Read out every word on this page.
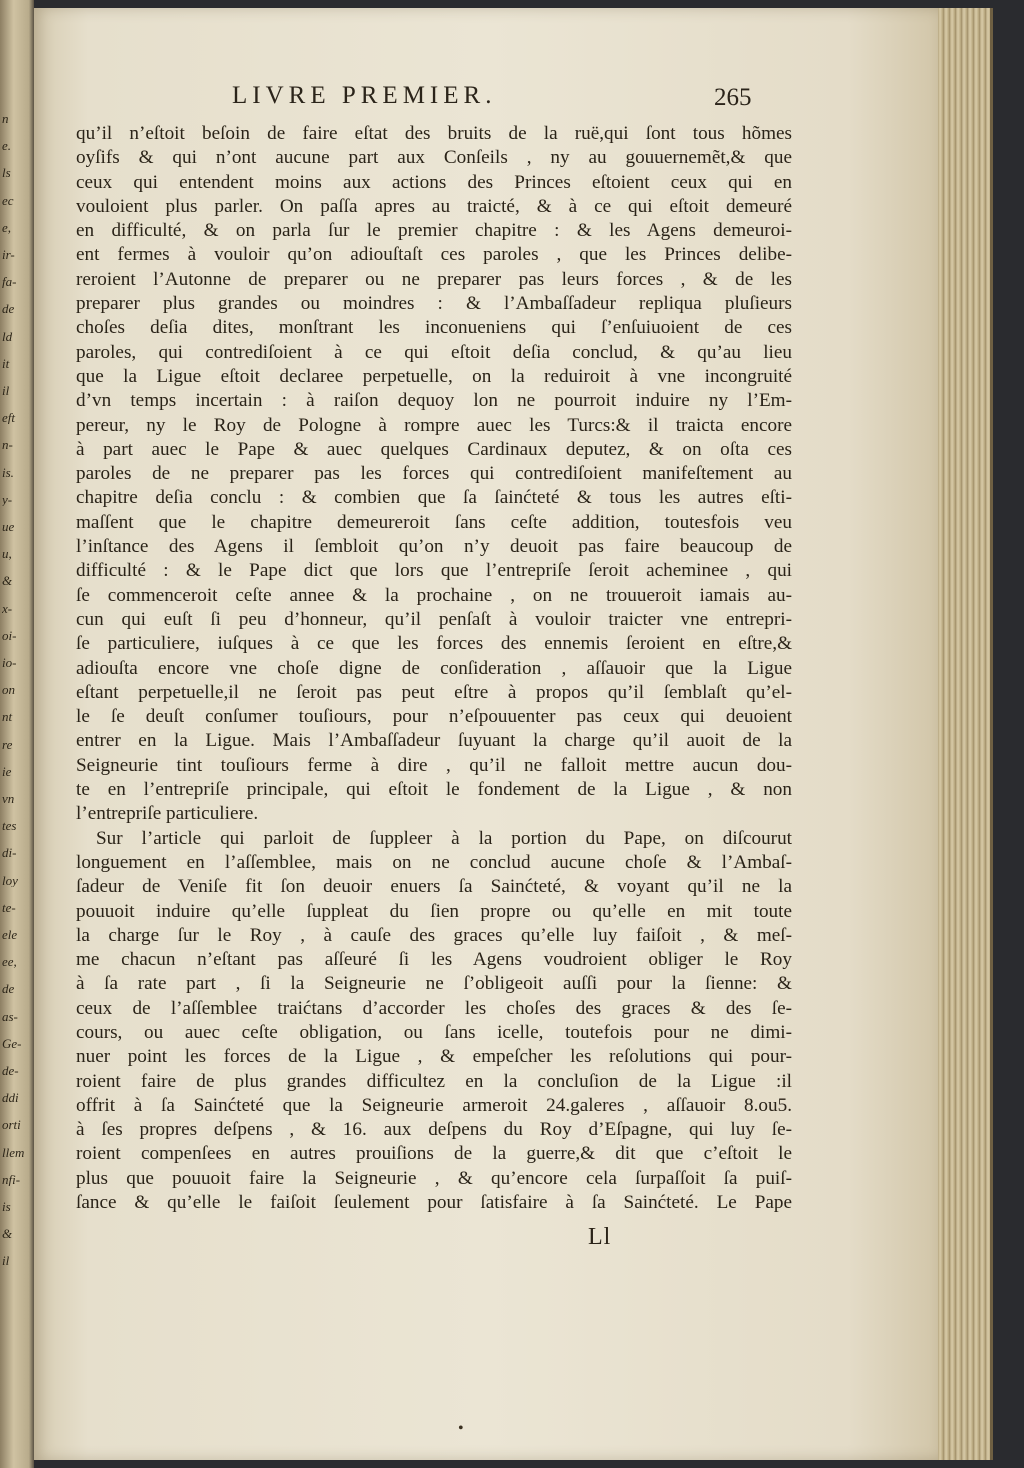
n
e.
ls
ec
e,
ir-
fa-
de
ld
it
il
eft
n-
is.
y-
ue
u,
&
x-
oi-
io-
on
nt
re
ie
vn
tes
di-
loy
te-
ele
ee,
de
as-
Ge-
de-
ddi
orti
llem
nfi-
is
&
il
LIVRE PREMIER.	265
qu’il n’eſtoit beſoin de faire eſtat des bruits de la ruë,qui ſont tous hõmes
oyſifs & qui n’ont aucune part aux Conſeils , ny au gouuernemẽt,& que
ceux qui entendent moins aux actions des Princes eſtoient ceux qui en
vouloient plus parler. On paſſa apres au traicté, & à ce qui eſtoit demeuré
en difficulté, & on parla ſur le premier chapitre : & les Agens demeuroi-
ent fermes à vouloir qu’on adiouſtaſt ces paroles , que les Princes delibe-
reroient l’Autonne de preparer ou ne preparer pas leurs forces , & de les
preparer plus grandes ou moindres : & l’Ambaſſadeur repliqua pluſieurs
choſes deſia dites, monſtrant les inconueniens qui ſ’enſuiuoient de ces
paroles, qui contrediſoient à ce qui eſtoit deſia conclud, & qu’au lieu
que la Ligue eſtoit declaree perpetuelle, on la reduiroit à vne incongruité
d’vn temps incertain : à raiſon dequoy lon ne pourroit induire ny l’Em-
pereur, ny le Roy de Pologne à rompre auec les Turcs:& il traicta encore
à part auec le Pape & auec quelques Cardinaux deputez, & on oſta ces
paroles de ne preparer pas les forces qui contrediſoient manifeſtement au
chapitre deſia conclu : & combien que ſa ſainćteté & tous les autres eſti-
maſſent que le chapitre demeureroit ſans ceſte addition, toutesfois veu
l’inſtance des Agens il ſembloit qu’on n’y deuoit pas faire beaucoup de
difficulté : & le Pape dict que lors que l’entrepriſe ſeroit acheminee , qui
ſe commenceroit ceſte annee & la prochaine , on ne trouueroit iamais au-
cun qui euſt ſi peu d’honneur, qu’il penſaſt à vouloir traicter vne entrepri-
ſe particuliere, iuſques à ce que les forces des ennemis ſeroient en eſtre,&
adiouſta encore vne choſe digne de conſideration , aſſauoir que la Ligue
eſtant perpetuelle,il ne ſeroit pas peut eſtre à propos qu’il ſemblaſt qu’el-
le ſe deuſt conſumer touſiours, pour n’eſpouuenter pas ceux qui deuoient
entrer en la Ligue. Mais l’Ambaſſadeur ſuyuant la charge qu’il auoit de la
Seigneurie tint touſiours ferme à dire , qu’il ne falloit mettre aucun dou-
te en l’entrepriſe principale, qui eſtoit le fondement de la Ligue , & non
l’entrepriſe particuliere.
Sur l’article qui parloit de ſuppleer à la portion du Pape, on diſcourut
longuement en l’aſſemblee, mais on ne conclud aucune choſe & l’Ambaſ-
ſadeur de Veniſe fit ſon deuoir enuers ſa Sainćteté, & voyant qu’il ne la
pouuoit induire qu’elle ſuppleat du ſien propre ou qu’elle en mit toute
la charge ſur le Roy , à cauſe des graces qu’elle luy faiſoit , & meſ-
me chacun n’eſtant pas aſſeuré ſi les Agens voudroient obliger le Roy
à ſa rate part , ſi la Seigneurie ne ſ’obligeoit auſſi pour la ſienne: &
ceux de l’aſſemblee traićtans d’accorder les choſes des graces & des ſe-
cours, ou auec ceſte obligation, ou ſans icelle, toutefois pour ne dimi-
nuer point les forces de la Ligue , & empeſcher les reſolutions qui pour-
roient faire de plus grandes difficultez en la concluſion de la Ligue :il
offrit à ſa Sainćteté que la Seigneurie armeroit 24.galeres , aſſauoir 8.ou5.
à ſes propres deſpens , & 16. aux deſpens du Roy d’Eſpagne, qui luy ſe-
roient compenſees en autres prouiſions de la guerre,& dit que c’eſtoit le
plus que pouuoit faire la Seigneurie , & qu’encore cela ſurpaſſoit ſa puiſ-
ſance & qu’elle le faiſoit ſeulement pour ſatisfaire à ſa Sainćteté. Le Pape
Ll
•
